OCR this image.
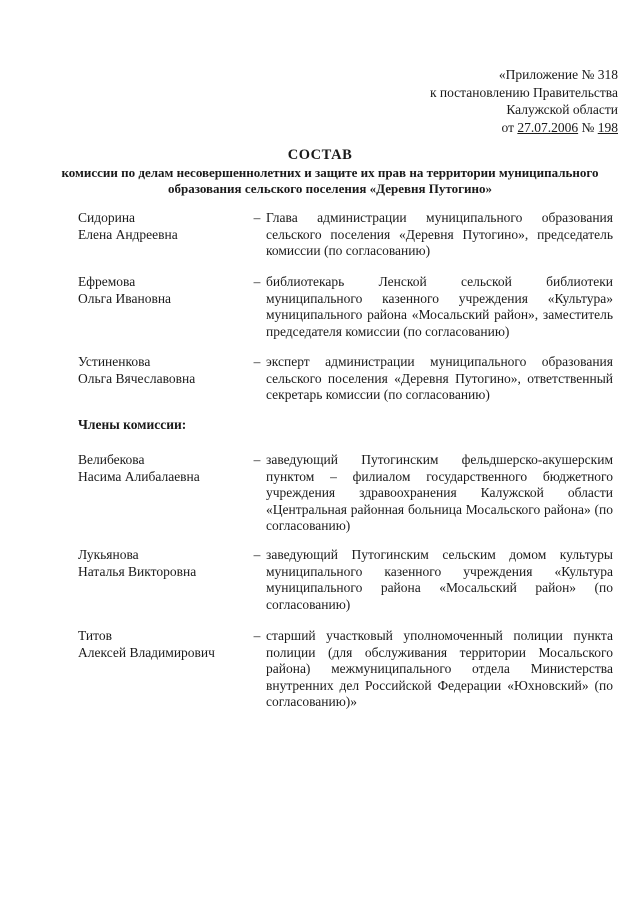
«Приложение № 318
к постановлению Правительства
Калужской области
от 27.07.2006 № 198
СОСТАВ
комиссии по делам несовершеннолетних и защите их прав на территории муниципального образования сельского поселения «Деревня Путогино»
Сидорина
Елена Андреевна
– Глава администрации муниципального образования сельского поселения «Деревня Путогино», председатель комиссии (по согласованию)
Ефремова
Ольга Ивановна
– библиотекарь Ленской сельской библиотеки муниципального казенного учреждения «Культура» муниципального района «Мосальский район», заместитель председателя комиссии (по согласованию)
Устиненкова
Ольга Вячеславовна
– эксперт администрации муниципального образования сельского поселения «Деревня Путогино», ответственный секретарь комиссии (по согласованию)
Члены комиссии:
Велибекова
Насима Алибалаевна
– заведующий Путогинским фельдшерско-акушерским пунктом – филиалом государственного бюджетного учреждения здравоохранения Калужской области «Центральная районная больница Мосальского района» (по согласованию)
Лукьянова
Наталья Викторовна
– заведующий Путогинским сельским домом культуры муниципального казенного учреждения «Культура муниципального района «Мосальский район» (по согласованию)
Титов
Алексей Владимирович
– старший участковый уполномоченный полиции пункта полиции (для обслуживания территории Мосальского района) межмуниципального отдела Министерства внутренних дел Российской Федерации «Юхновский» (по согласованию)»
